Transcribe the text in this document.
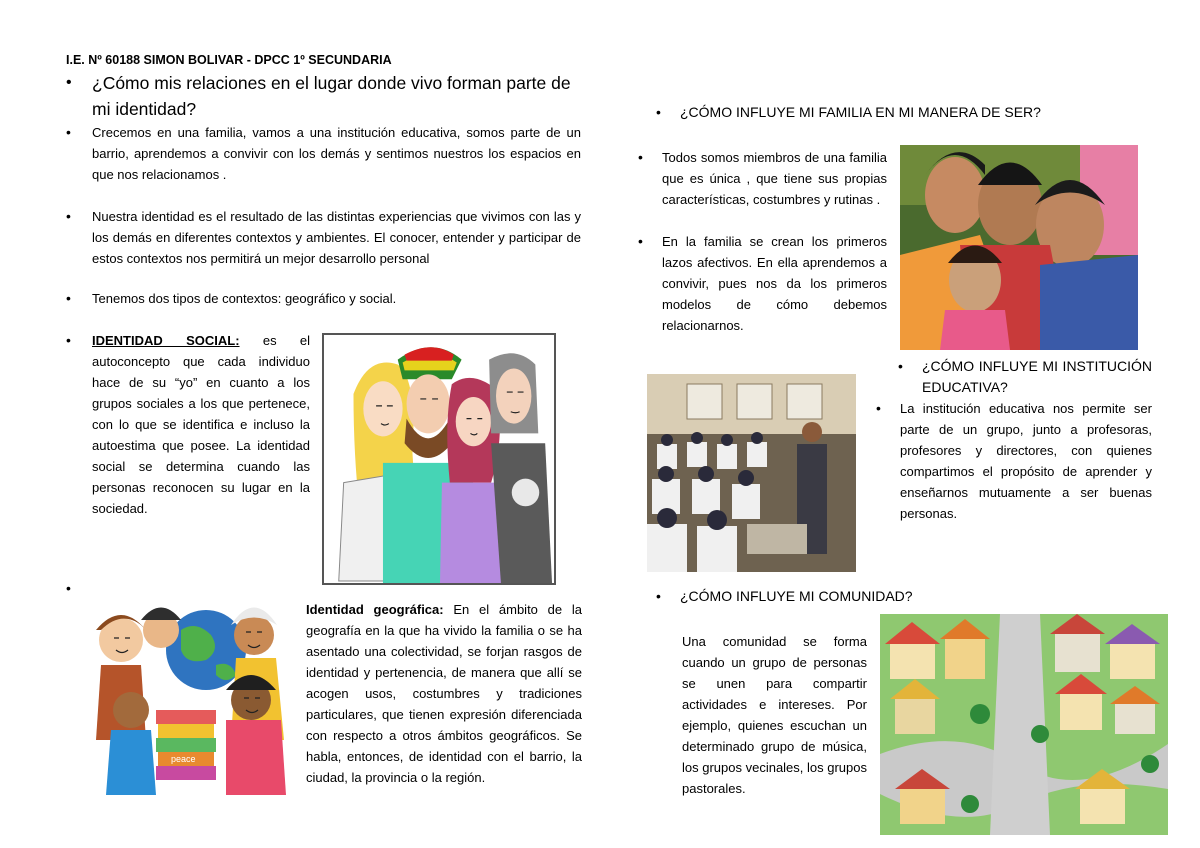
I.E. Nº 60188 SIMON BOLIVAR - DPCC 1º SECUNDARIA
• ¿Cómo mis relaciones en el lugar donde vivo forman parte de mi identidad?
• Crecemos en una familia, vamos a una institución educativa, somos parte de un barrio, aprendemos a convivir con los demás y sentimos nuestros los espacios en que nos relacionamos .
• Nuestra identidad es el resultado de las distintas experiencias que vivimos con las y los demás en diferentes contextos y ambientes. El conocer, entender y participar de estos contextos nos permitirá un mejor desarrollo personal
• Tenemos dos tipos de contextos: geográfico y social.
• IDENTIDAD SOCIAL: es el autoconcepto que cada individuo hace de su “yo” en cuanto a los grupos sociales a los que pertenece, con lo que se identifica e incluso la autoestima que posee. La identidad social se determina cuando las personas reconocen su lugar en la sociedad.
•
peace
Identidad geográfica: En el ámbito de la geografía en la que ha vivido la familia o se ha asentado una colectividad, se forjan rasgos de identidad y pertenencia, de manera que allí se acogen usos, costumbres y tradiciones particulares, que tienen expresión diferenciada con respecto a otros ámbitos geográficos. Se habla, entonces, de identidad con el barrio, la ciudad, la provincia o la región.
• ¿CÓMO INFLUYE MI FAMILIA EN MI MANERA DE SER?
• Todos somos miembros de una familia que es única , que tiene sus propias características, costumbres y rutinas .
• En la familia se crean los primeros lazos afectivos. En ella aprendemos a convivir, pues nos da los primeros modelos de cómo debemos relacionarnos.
• ¿CÓMO INFLUYE MI INSTITUCIÓN EDUCATIVA?
• La institución educativa nos permite ser parte de un grupo, junto a profesoras, profesores y directores, con quienes compartimos el propósito de aprender y enseñarnos mutuamente a ser buenas personas.
• ¿CÓMO INFLUYE MI COMUNIDAD?
Una comunidad se forma cuando un grupo de personas se unen para compartir actividades e intereses. Por ejemplo, quienes escuchan un determinado grupo de música, los grupos vecinales, los grupos pastorales.
